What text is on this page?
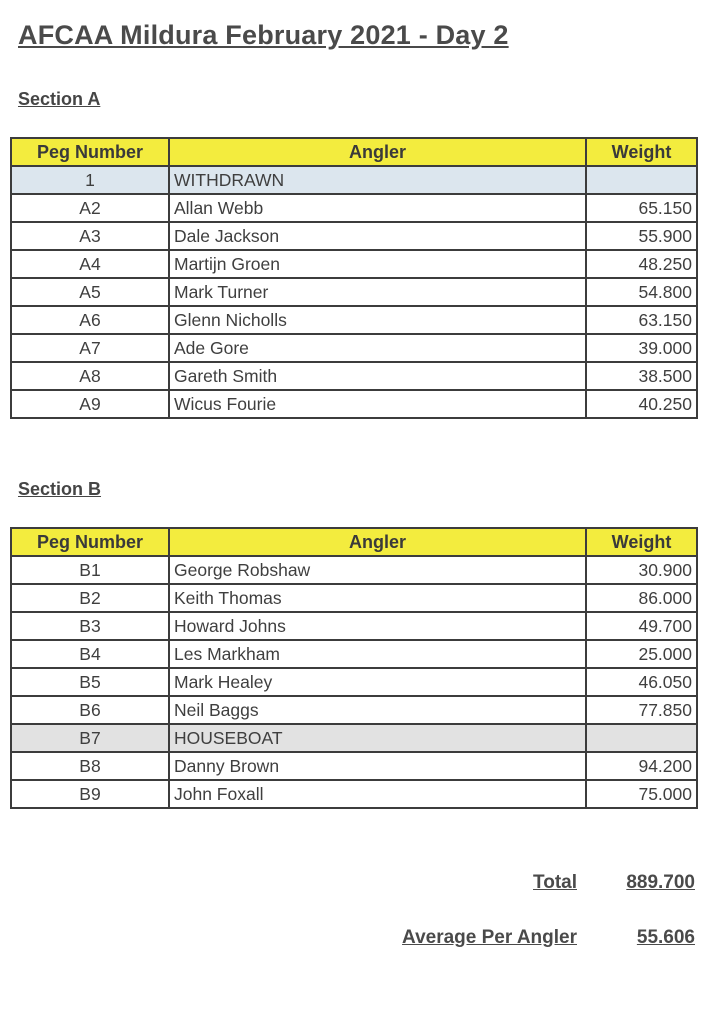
AFCAA Mildura February 2021 - Day 2
Section A
Peg Number	Angler	Weight
1	WITHDRAWN	
A2	Allan Webb	65.150
A3	Dale Jackson	55.900
A4	Martijn Groen	48.250
A5	Mark Turner	54.800
A6	Glenn Nicholls	63.150
A7	Ade Gore	39.000
A8	Gareth Smith	38.500
A9	Wicus Fourie	40.250
Section B
Peg Number	Angler	Weight
B1	George Robshaw	30.900
B2	Keith Thomas	86.000
B3	Howard Johns	49.700
B4	Les Markham	25.000
B5	Mark Healey	46.050
B6	Neil Baggs	77.850
B7	HOUSEBOAT	
B8	Danny Brown	94.200
B9	John Foxall	75.000
Total	889.700
Average Per Angler	55.606
